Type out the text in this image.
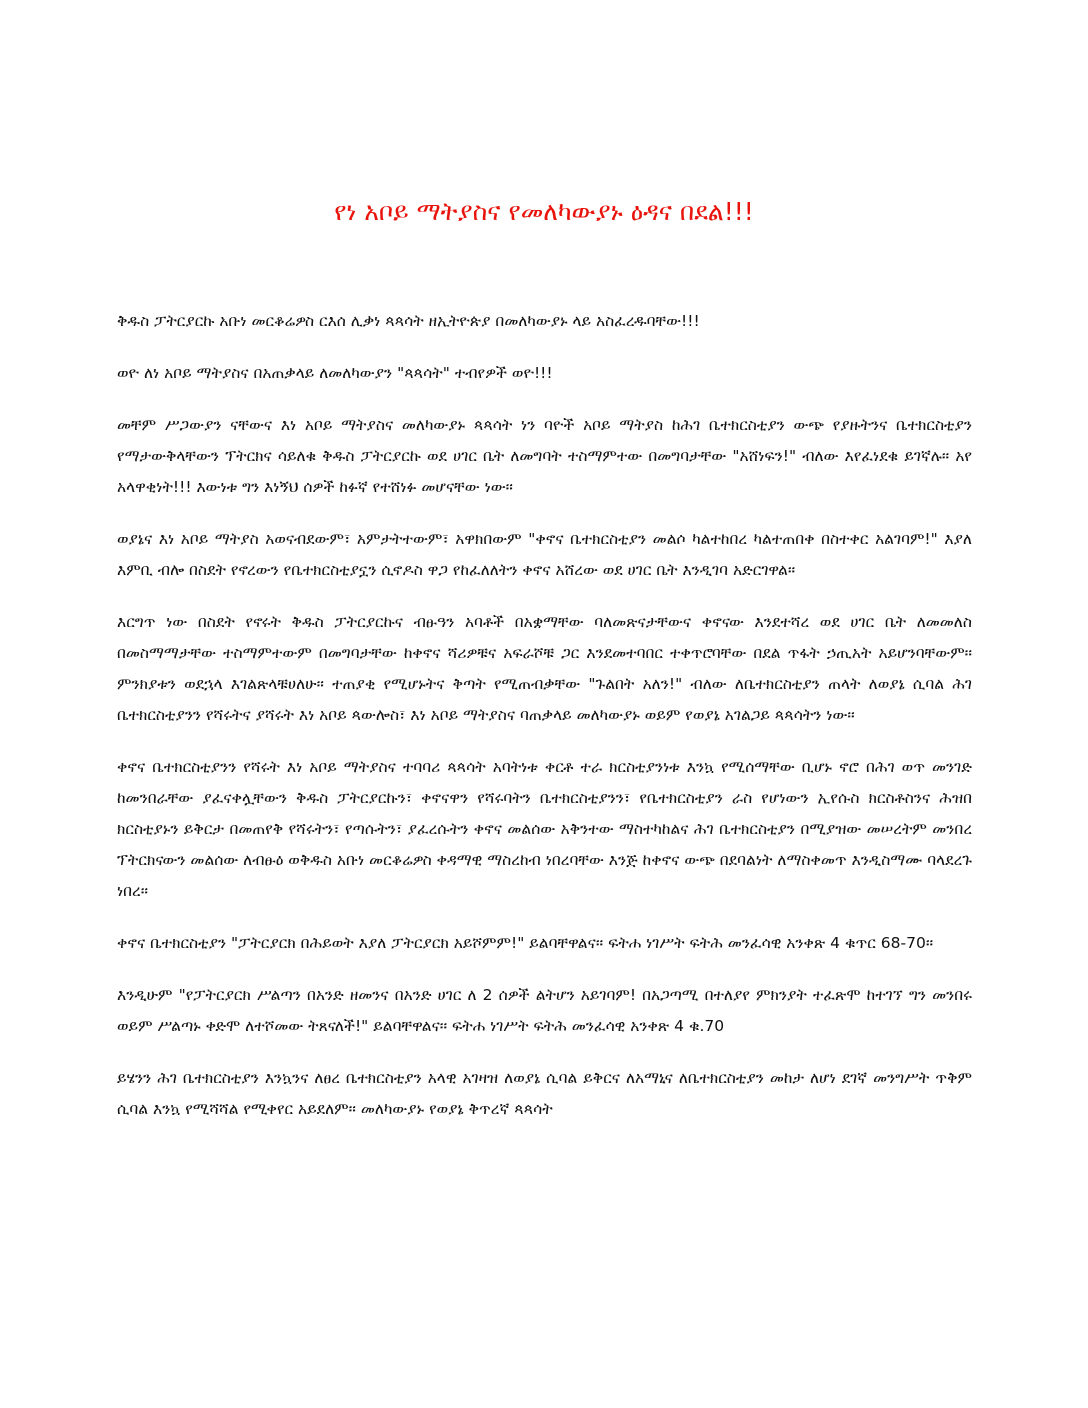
የነ አቦይ ማትያስና የመለካውያኑ ዕዳና በደል!!!

ቅዱስ ፓትርያርኩ አቡነ መርቆሬዎስ ርእሰ ሊቃነ ጳጳሳት ዘኢትዮጵያ በመለካውያኑ ላይ አስፈረዱባቸው!!!

ወዮ ለነ አቦይ ማትያስና በአጠቃላይ ለመለካውያን "ጳጳሳት" ተብየዎች ወዮ!!!

መቸም ሥጋውያን ናቸውና እነ አቦይ ማትያስና መለካውያኑ ጳጳሳት ነን ባዮች አቦይ ማትያስ ከሕገ ቤተክርስቲያን ውጭ የያዙትንና ቤተክርስቲያን የማታውቅላቸውን ፕትርክና ሳይለቁ ቅዱስ ፓትርያርኩ ወደ ሀገር ቤት ለመግባት ተስማምተው በመግባታቸው "አሸነፍን!" ብለው እየፈነደቁ ይገኛሉ፡፡ አየ አላዋቂነት!!! እውነቱ ግን እነኝህ ሰዎች ከፉኛ የተሸነፉ መሆናቸው ነው፡፡

ወያኔና እነ አቦይ ማትያስ አወናብደውም፣ አምታትተውም፣ አዋክበውም "ቀኖና ቤተክርስቲያን መልሶ ካልተከበረ ካልተጠበቀ በስተቀር አልገባም!" እያለ እምቢ ብሎ በስደት የኖረውን የቤተክርስቲያኗን ሲኖዶስ ዋጋ የከፈለለትን ቀኖና አሸረው ወደ ሀገር ቤት እንዲገባ አድርገዋል፡፡

እርግጥ ነው በስደት የኖሩት ቅዱስ ፓትርያርኩና ብፁዓን አባቶች በአቋማቸው ባለመጽናታቸውና ቀኖናው እንደተሻረ ወደ ሀገር ቤት ለመመለስ በመስማማታቸው ተስማምተውም በመግባታቸው ከቀኖና ሻሪዎቹና አፍራሾቹ ጋር እንደመተባበር ተቀጥሮባቸው በደል ጥፋት ኃጢአት አይሆንባቸውም፡፡ ምንክያቱን ወደኋላ እገልጽላቹሀለሁ፡፡ ተጠያቂ የሚሆኑትና ቅጣት የሚጠብቃቸው "ጉልበት አለን!" ብለው ለቤተክርስቲያን ጠላት ለወያኔ ሲባል ሕገ ቤተክርስቲያንን የሻሩትና ያሻሩት እነ አቦይ ጳውሎስ፣ እነ አቦይ ማትያስና ባጠቃላይ መለካውያኑ ወይም የወያኔ አገልጋይ ጳጳሳትን ነው፡፡

ቀኖና ቤተክርስቲያንን የሻሩት እነ አቦይ ማትያስና ተባባሪ ጳጳሳት አባትነቱ ቀርቶ ተራ ክርስቲያንነቱ እንኳ የሚሰማቸው ቢሆኑ ኖሮ በሕገ ወጥ መንገድ ከመንበራቸው ያፈናቀሏቸውን ቅዱስ ፓትርያርኩን፣ ቀኖናዋን የሻሩባትን ቤተክርስቲያንን፣ የቤተክርስቲያን ራስ የሆነውን ኢየሱስ ክርስቶስንና ሕዝበ ክርስቲያኑን ይቅርታ በመጠየቅ የሻሩትን፣ የጣሱትን፣ ያፈረሱትን ቀኖና መልሰው አቅንተው ማስተካከልና ሕገ ቤተክርስቲያን በሚያዝው መሠረትም መንበረ ፕትርክናውን መልሰው ለብፁዕ ወቅዱስ አቡነ መርቆሬዎስ ቀዳማዊ ማስረከብ ነበረባቸው እንጅ ከቀኖና ውጭ በደባልነት ለማስቀመጥ እንዲስማሙ ባላደረጉ ነበረ፡፡

ቀኖና ቤተክርስቲያን "ፓትርያርክ በሕይወት እያለ ፓትርያርክ አይሾምም!" ይልባቸዋልና፡፡ ፍትሐ ነገሥት ፍትሕ መንፈሳዊ አንቀጽ 4 ቁጥር 68-70፡፡

እንዲሁም "የፓትርያርክ ሥልጣን በአንድ ዘመንና በአንድ ሀገር ለ 2 ሰዎች ልትሆን አይገባም! በአጋጣሚ በተለያየ ምክንያት ተፈጽሞ ከተገኘ ግን መንበሩ ወይም ሥልጣኑ ቀድሞ ለተሾመው ትጸናለች!" ይልባቸዋልና፡፡ ፍትሐ ነገሥት ፍትሕ መንፈሳዊ አንቀጽ 4 ቁ.70

ይሄንን ሕገ ቤተክርስቲያን እንኳንና ለፀረ ቤተክርስቲያን አላዊ አገዛዝ ለወያኔ ሲባል ይቅርና ለአማኒና ለቤተክርስቲያን መከታ ለሆነ ደገኛ መንግሥት ጥቅም ሲባል እንኳ የሚሻሻል የሚቀየር አይደለም፡፡ መለካውያኑ የወያኔ ቅጥረኛ ጳጳሳት
